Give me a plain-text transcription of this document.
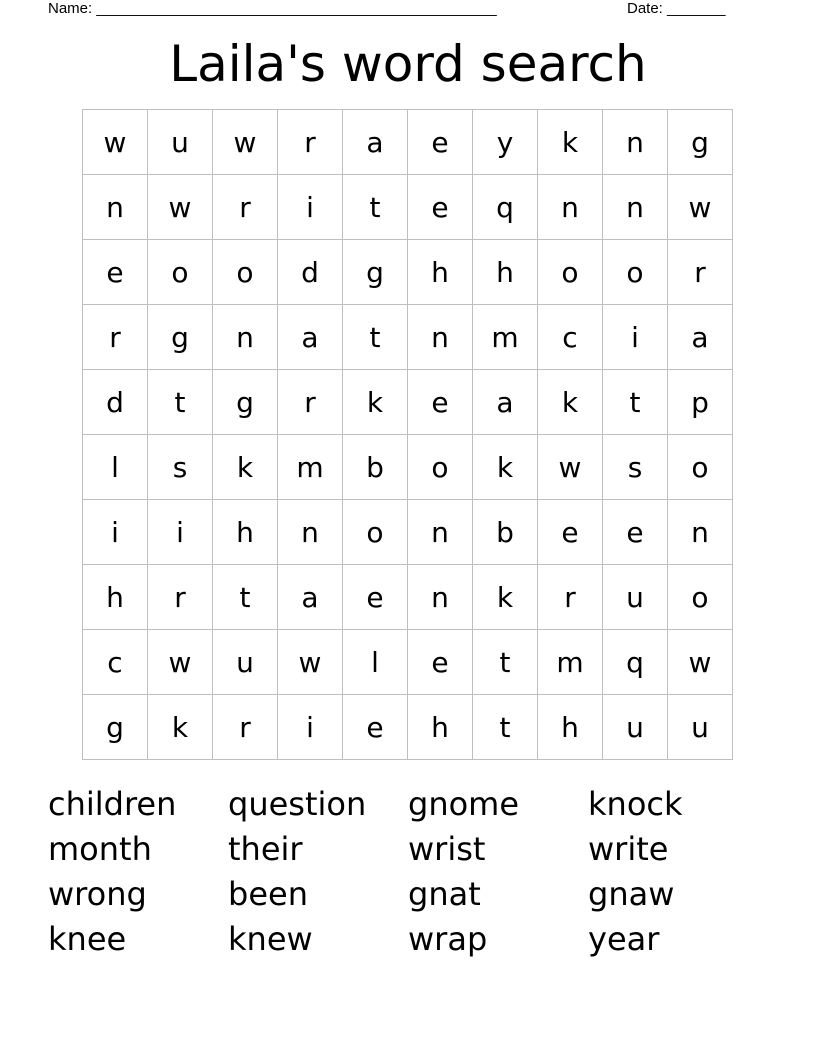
Name: ________________________________________________	Date: _______
Laila's word search
w	u	w	r	a	e	y	k	n	g
n	w	r	i	t	e	q	n	n	w
e	o	o	d	g	h	h	o	o	r
r	g	n	a	t	n	m	c	i	a
d	t	g	r	k	e	a	k	t	p
l	s	k	m	b	o	k	w	s	o
i	i	h	n	o	n	b	e	e	n
h	r	t	a	e	n	k	r	u	o
c	w	u	w	l	e	t	m	q	w
g	k	r	i	e	h	t	h	u	u
children	question	gnome	knock
month	their	wrist	write
wrong	been	gnat	gnaw
knee	knew	wrap	year
